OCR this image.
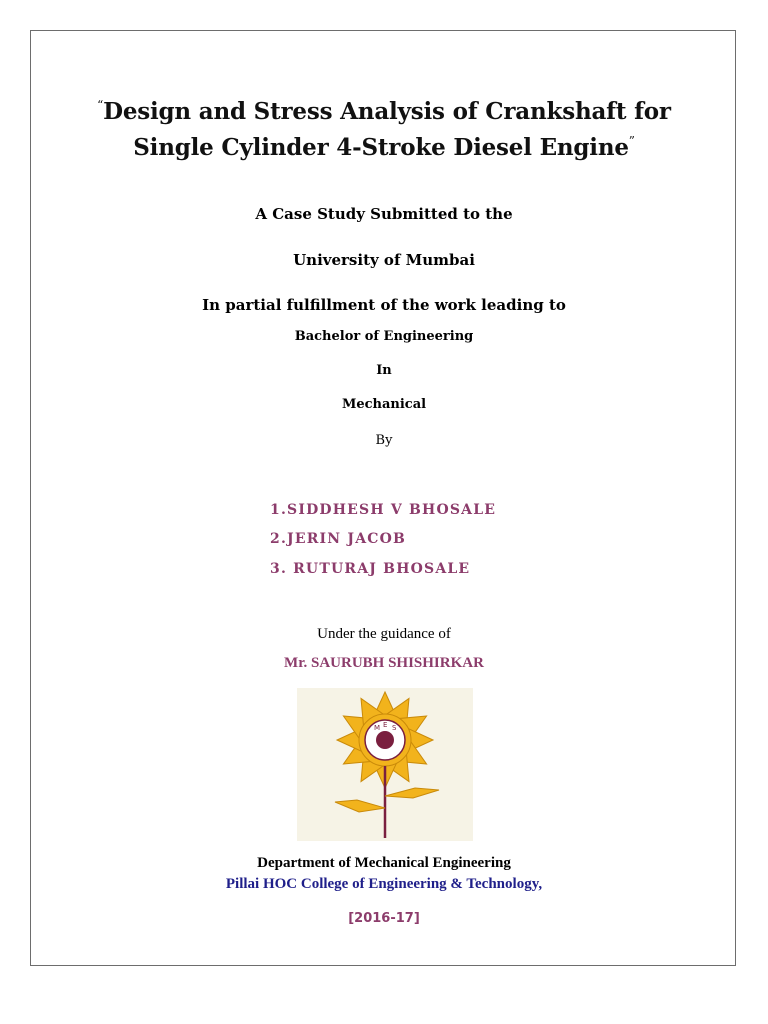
“Design and Stress Analysis of Crankshaft for
Single Cylinder 4-Stroke Diesel Engine”
A Case Study Submitted to the
University of Mumbai
In partial fulfillment of the work leading to
Bachelor of Engineering
In
Mechanical
By
1.SIDDHESH V BHOSALE
2.JERIN JACOB
3. RUTURAJ BHOSALE
Under the guidance of
Mr. SAURUBH SHISHIRKAR
M E S
Department of Mechanical Engineering
Pillai HOC College of Engineering & Technology,
[2016-17]
